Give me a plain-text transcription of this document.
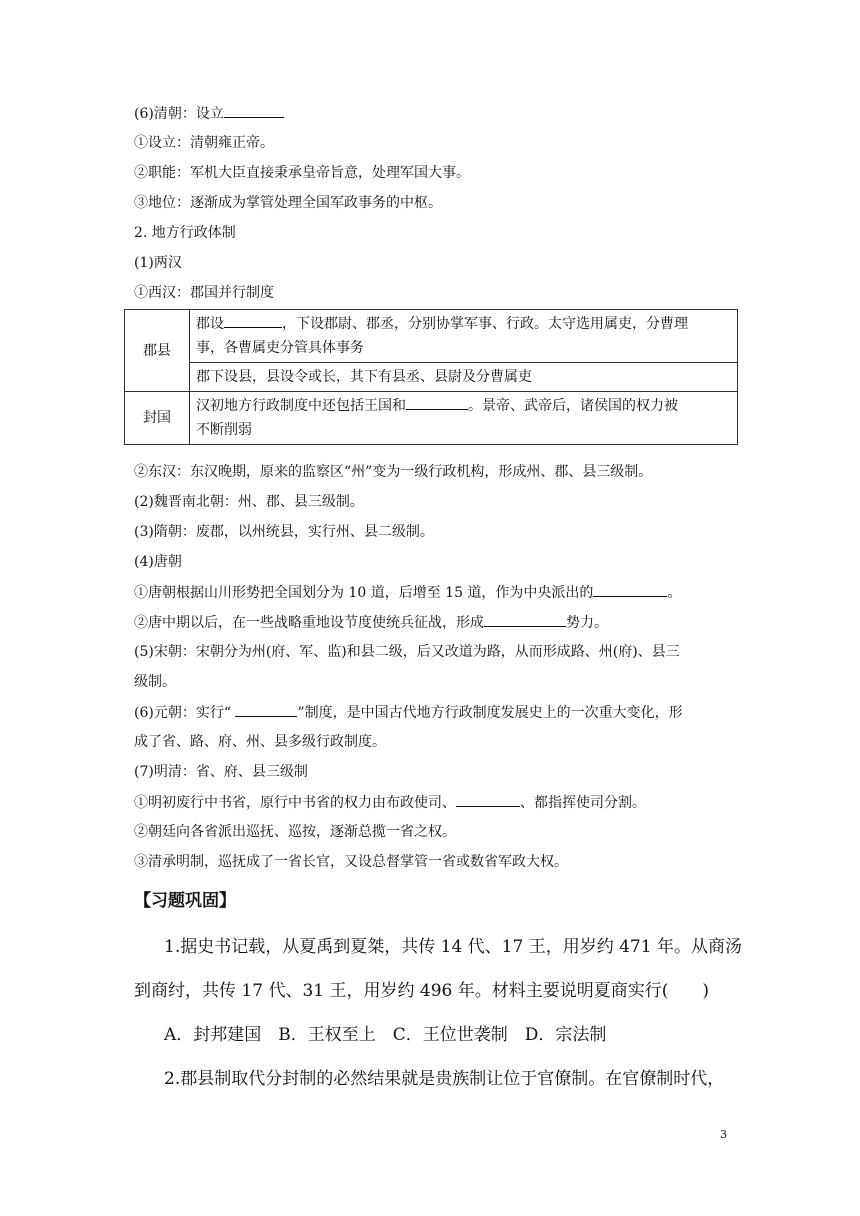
(6)清朝：设立
①设立：清朝雍正帝。
②职能：军机大臣直接秉承皇帝旨意，处理军国大事。
③地位：逐渐成为掌管处理全国军政事务的中枢。
2. 地方行政体制
(1)两汉
①西汉：郡国并行制度
郡县	郡设 ，下设郡尉、郡丞，分别协掌军事、行政。太守选用属吏，分曹理
事，各曹属吏分管具体事务
	郡下设县，县设令或长，其下有县丞、县尉及分曹属吏
封国	汉初地方行政制度中还包括王国和 。景帝、武帝后，诸侯国的权力被
不断削弱
②东汉：东汉晚期，原来的监察区“州”变为一级行政机构，形成州、郡、县三级制。
(2)魏晋南北朝：州、郡、县三级制。
(3)隋朝：废郡，以州统县，实行州、县二级制。
(4)唐朝
①唐朝根据山川形势把全国划分为 10 道，后增至 15 道，作为中央派出的	。
②唐中期以后，在一些战略重地设节度使统兵征战，形成	势力。
(5)宋朝：宋朝分为州(府、军、监)和县二级，后又改道为路，从而形成路、州(府)、县三
级制。
(6)元朝：实行“	”制度，是中国古代地方行政制度发展史上的一次重大变化，形
成了省、路、府、州、县多级行政制度。
(7)明清：省、府、县三级制
①明初废行中书省，原行中书省的权力由布政使司、	、都指挥使司分割。
②朝廷向各省派出巡抚、巡按，逐渐总揽一省之权。
③清承明制，巡抚成了一省长官，又设总督掌管一省或数省军政大权。
【习题巩固】
1.据史书记载，从夏禹到夏桀，共传 14 代、17 王，用岁约 471 年。从商汤
到商纣，共传 17 代、31 王，用岁约 496 年。材料主要说明夏商实行(　　)
A．封邦建国　B．王权至上　C．王位世袭制　D．宗法制
2.郡县制取代分封制的必然结果就是贵族制让位于官僚制。在官僚制时代，
3
